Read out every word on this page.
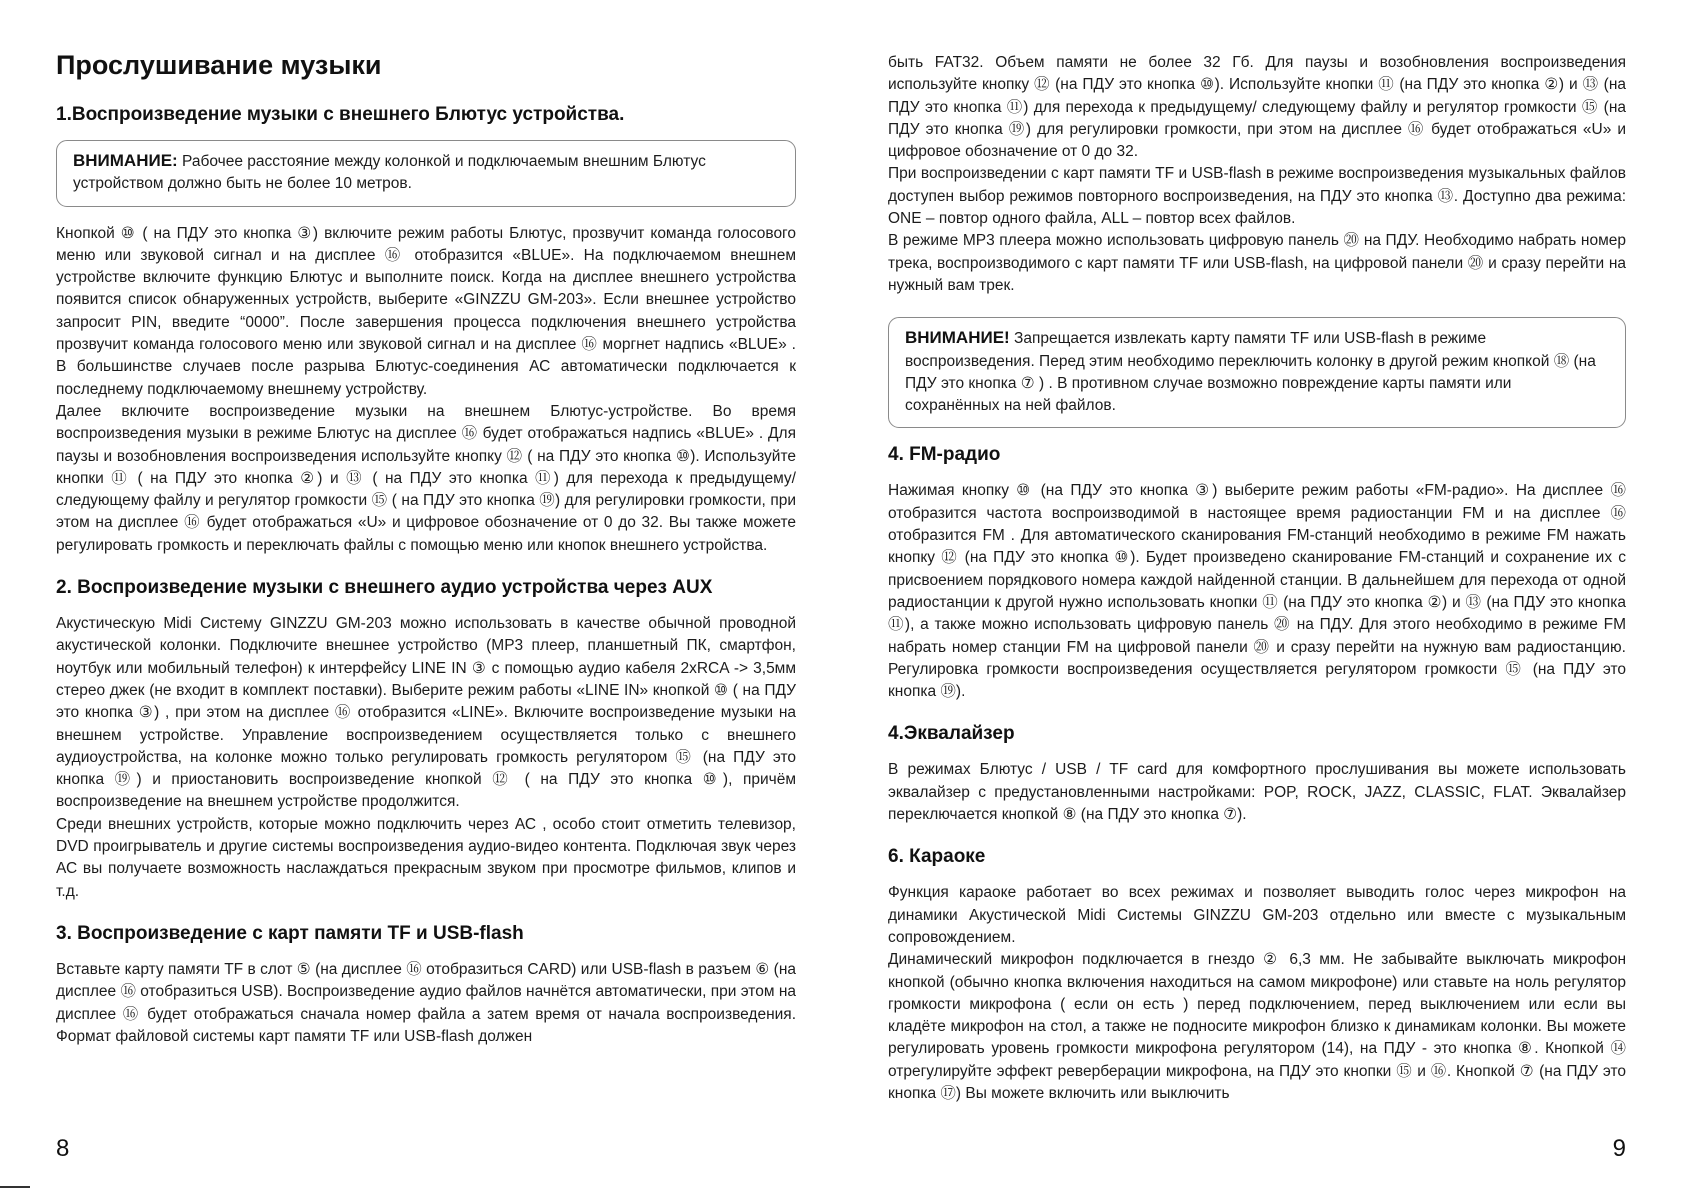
Прослушивание музыки
1.Воспроизведение музыки с внешнего Блютус устройства.

ВНИМАНИЕ: Рабочее расстояние между колонкой и подключаемым внешним Блютус устройством должно быть не более 10 метров.

Кнопкой ⑩ ( на ПДУ это кнопка ③) включите режим работы Блютус, прозвучит команда голосового меню или звуковой сигнал и на дисплее ⑯ отобразится «BLUE». На подключаемом внешнем устройстве включите функцию Блютус и выполните поиск. Когда на дисплее внешнего устройства появится список обнаруженных устройств, выберите «GINZZU GM-203». Если внешнее устройство запросит PIN, введите “0000”. После завершения процесса подключения внешнего устройства прозвучит команда голосового меню или звуковой сигнал и на дисплее ⑯ моргнет надпись «BLUE» . В большинстве случаев после разрыва Блютус-соединения АС автоматически подключается к последнему подключаемому внешнему устройству.

Далее включите воспроизведение музыки на внешнем Блютус-устройстве. Во время воспроизведения музыки в режиме Блютус на дисплее ⑯ будет отображаться надпись «BLUE» . Для паузы и возобновления воспроизведения используйте кнопку ⑫ ( на ПДУ это кнопка ⑩). Используйте кнопки ⑪ ( на ПДУ это кнопка ②) и ⑬ ( на ПДУ это кнопка ⑪) для перехода к предыдущему/ следующему файлу и регулятор громкости ⑮ ( на ПДУ это кнопка ⑲) для регулировки громкости, при этом на дисплее ⑯ будет отображаться «U» и цифровое обозначение от 0 до 32. Вы также можете регулировать громкость и переключать файлы с помощью меню или кнопок внешнего устройства.

2. Воспроизведение музыки с внешнего аудио устройства через AUX

Акустическую Midi Систему GINZZU GM-203 можно использовать в качестве обычной проводной акустической колонки. Подключите внешнее устройство (MP3 плеер, планшетный ПК, смартфон, ноутбук или мобильный телефон) к интерфейсу LINE IN ③ с помощью аудио кабеля 2xRCA -> 3,5мм стерео джек (не входит в комплект поставки). Выберите режим работы «LINE IN» кнопкой ⑩ ( на ПДУ это кнопка ③) , при этом на дисплее ⑯ отобразится «LINE». Включите воспроизведение музыки на внешнем устройстве. Управление воспроизведением осуществляется только с внешнего аудиоустройства, на колонке можно только регулировать громкость регулятором ⑮ (на ПДУ это кнопка ⑲) и приостановить воспроизведение кнопкой ⑫ ( на ПДУ это кнопка ⑩), причём воспроизведение на внешнем устройстве продолжится.

Среди внешних устройств, которые можно подключить через АС , особо стоит отметить телевизор, DVD проигрыватель и другие системы воспроизведения аудио-видео контента. Подключая звук через АС вы получаете возможность наслаждаться прекрасным звуком при просмотре фильмов, клипов и т.д.

3. Воспроизведение с карт памяти TF и USB-flash

Вставьте карту памяти TF в слот ⑤ (на дисплее ⑯ отобразиться CARD) или USB-flash в разъем ⑥ (на дисплее ⑯ отобразиться USB). Воспроизведение аудио файлов начнётся автоматически, при этом на дисплее ⑯ будет отображаться сначала номер файла а затем время от начала воспроизведения. Формат файловой системы карт памяти TF или USB-flash должен

8

быть FAT32. Объем памяти не более 32 Гб. Для паузы и возобновления воспроизведения используйте кнопку ⑫ (на ПДУ это кнопка ⑩). Используйте кнопки ⑪ (на ПДУ это кнопка ②) и ⑬ (на ПДУ это кнопка ⑪) для перехода к предыдущему/ следующему файлу и регулятор громкости ⑮ (на ПДУ это кнопка ⑲) для регулировки громкости, при этом на дисплее ⑯ будет отображаться «U» и цифровое обозначение от 0 до 32.

При воспроизведении с карт памяти TF и USB-flash в режиме воспроизведения музыкальных файлов доступен выбор режимов повторного воспроизведения, на ПДУ это кнопка ⑬. Доступно два режима: ONE – повтор одного файла, ALL – повтор всех файлов.

В режиме MP3 плеера можно использовать цифровую панель ⑳ на ПДУ. Необходимо набрать номер трека, воспроизводимого с карт памяти TF или USB-flash, на цифровой панели ⑳ и сразу перейти на нужный вам трек.

ВНИМАНИЕ! Запрещается извлекать карту памяти TF или USB-flash в режиме воспроизведения. Перед этим необходимо переключить колонку в другой режим кнопкой ⑱ (на ПДУ это кнопка ⑦ ) . В противном случае возможно повреждение карты памяти или сохранённых на ней файлов.

4. FM-радио

Нажимая кнопку ⑩ (на ПДУ это кнопка ③) выберите режим работы «FM-радио». На дисплее ⑯ отобразится частота воспроизводимой в настоящее время радиостанции FM и на дисплее ⑯ отобразится FM . Для автоматического сканирования FM-станций необходимо в режиме FM нажать кнопку ⑫ (на ПДУ это кнопка ⑩). Будет произведено сканирование FM-станций и сохранение их с присвоением порядкового номера каждой найденной станции. В дальнейшем для перехода от одной радиостанции к другой нужно использовать кнопки ⑪ (на ПДУ это кнопка ②) и ⑬ (на ПДУ это кнопка ⑪), а также можно использовать цифровую панель ⑳ на ПДУ. Для этого необходимо в режиме FM набрать номер станции FM на цифровой панели ⑳ и сразу перейти на нужную вам радиостанцию. Регулировка громкости воспроизведения осуществляется регулятором громкости ⑮ (на ПДУ это кнопка ⑲).

4.Эквалайзер

В режимах Блютус / USB / TF card для комфортного прослушивания вы можете использовать эквалайзер с предустановленными настройками: POP, ROCK, JAZZ, CLASSIC, FLAT. Эквалайзер переключается кнопкой ⑧ (на ПДУ это кнопка ⑦).

6. Караоке

Функция караоке работает во всех режимах и позволяет выводить голос через микрофон на динамики Акустической Midi Системы GINZZU GM-203 отдельно или вместе с музыкальным сопровождением.

Динамический микрофон подключается в гнездо ② 6,3 мм. Не забывайте выключать микрофон кнопкой (обычно кнопка включения находиться на самом микрофоне) или ставьте на ноль регулятор громкости микрофона ( если он есть ) перед подключением, перед выключением или если вы кладёте микрофон на стол, а также не подносите микрофон близко к динамикам колонки. Вы можете регулировать уровень громкости микрофона регулятором (14), на ПДУ - это кнопка ⑧. Кнопкой ⑭ отрегулируйте эффект реверберации микрофона, на ПДУ это кнопки ⑮ и ⑯. Кнопкой ⑦ (на ПДУ это кнопка ⑰) Вы можете включить или выключить

9
